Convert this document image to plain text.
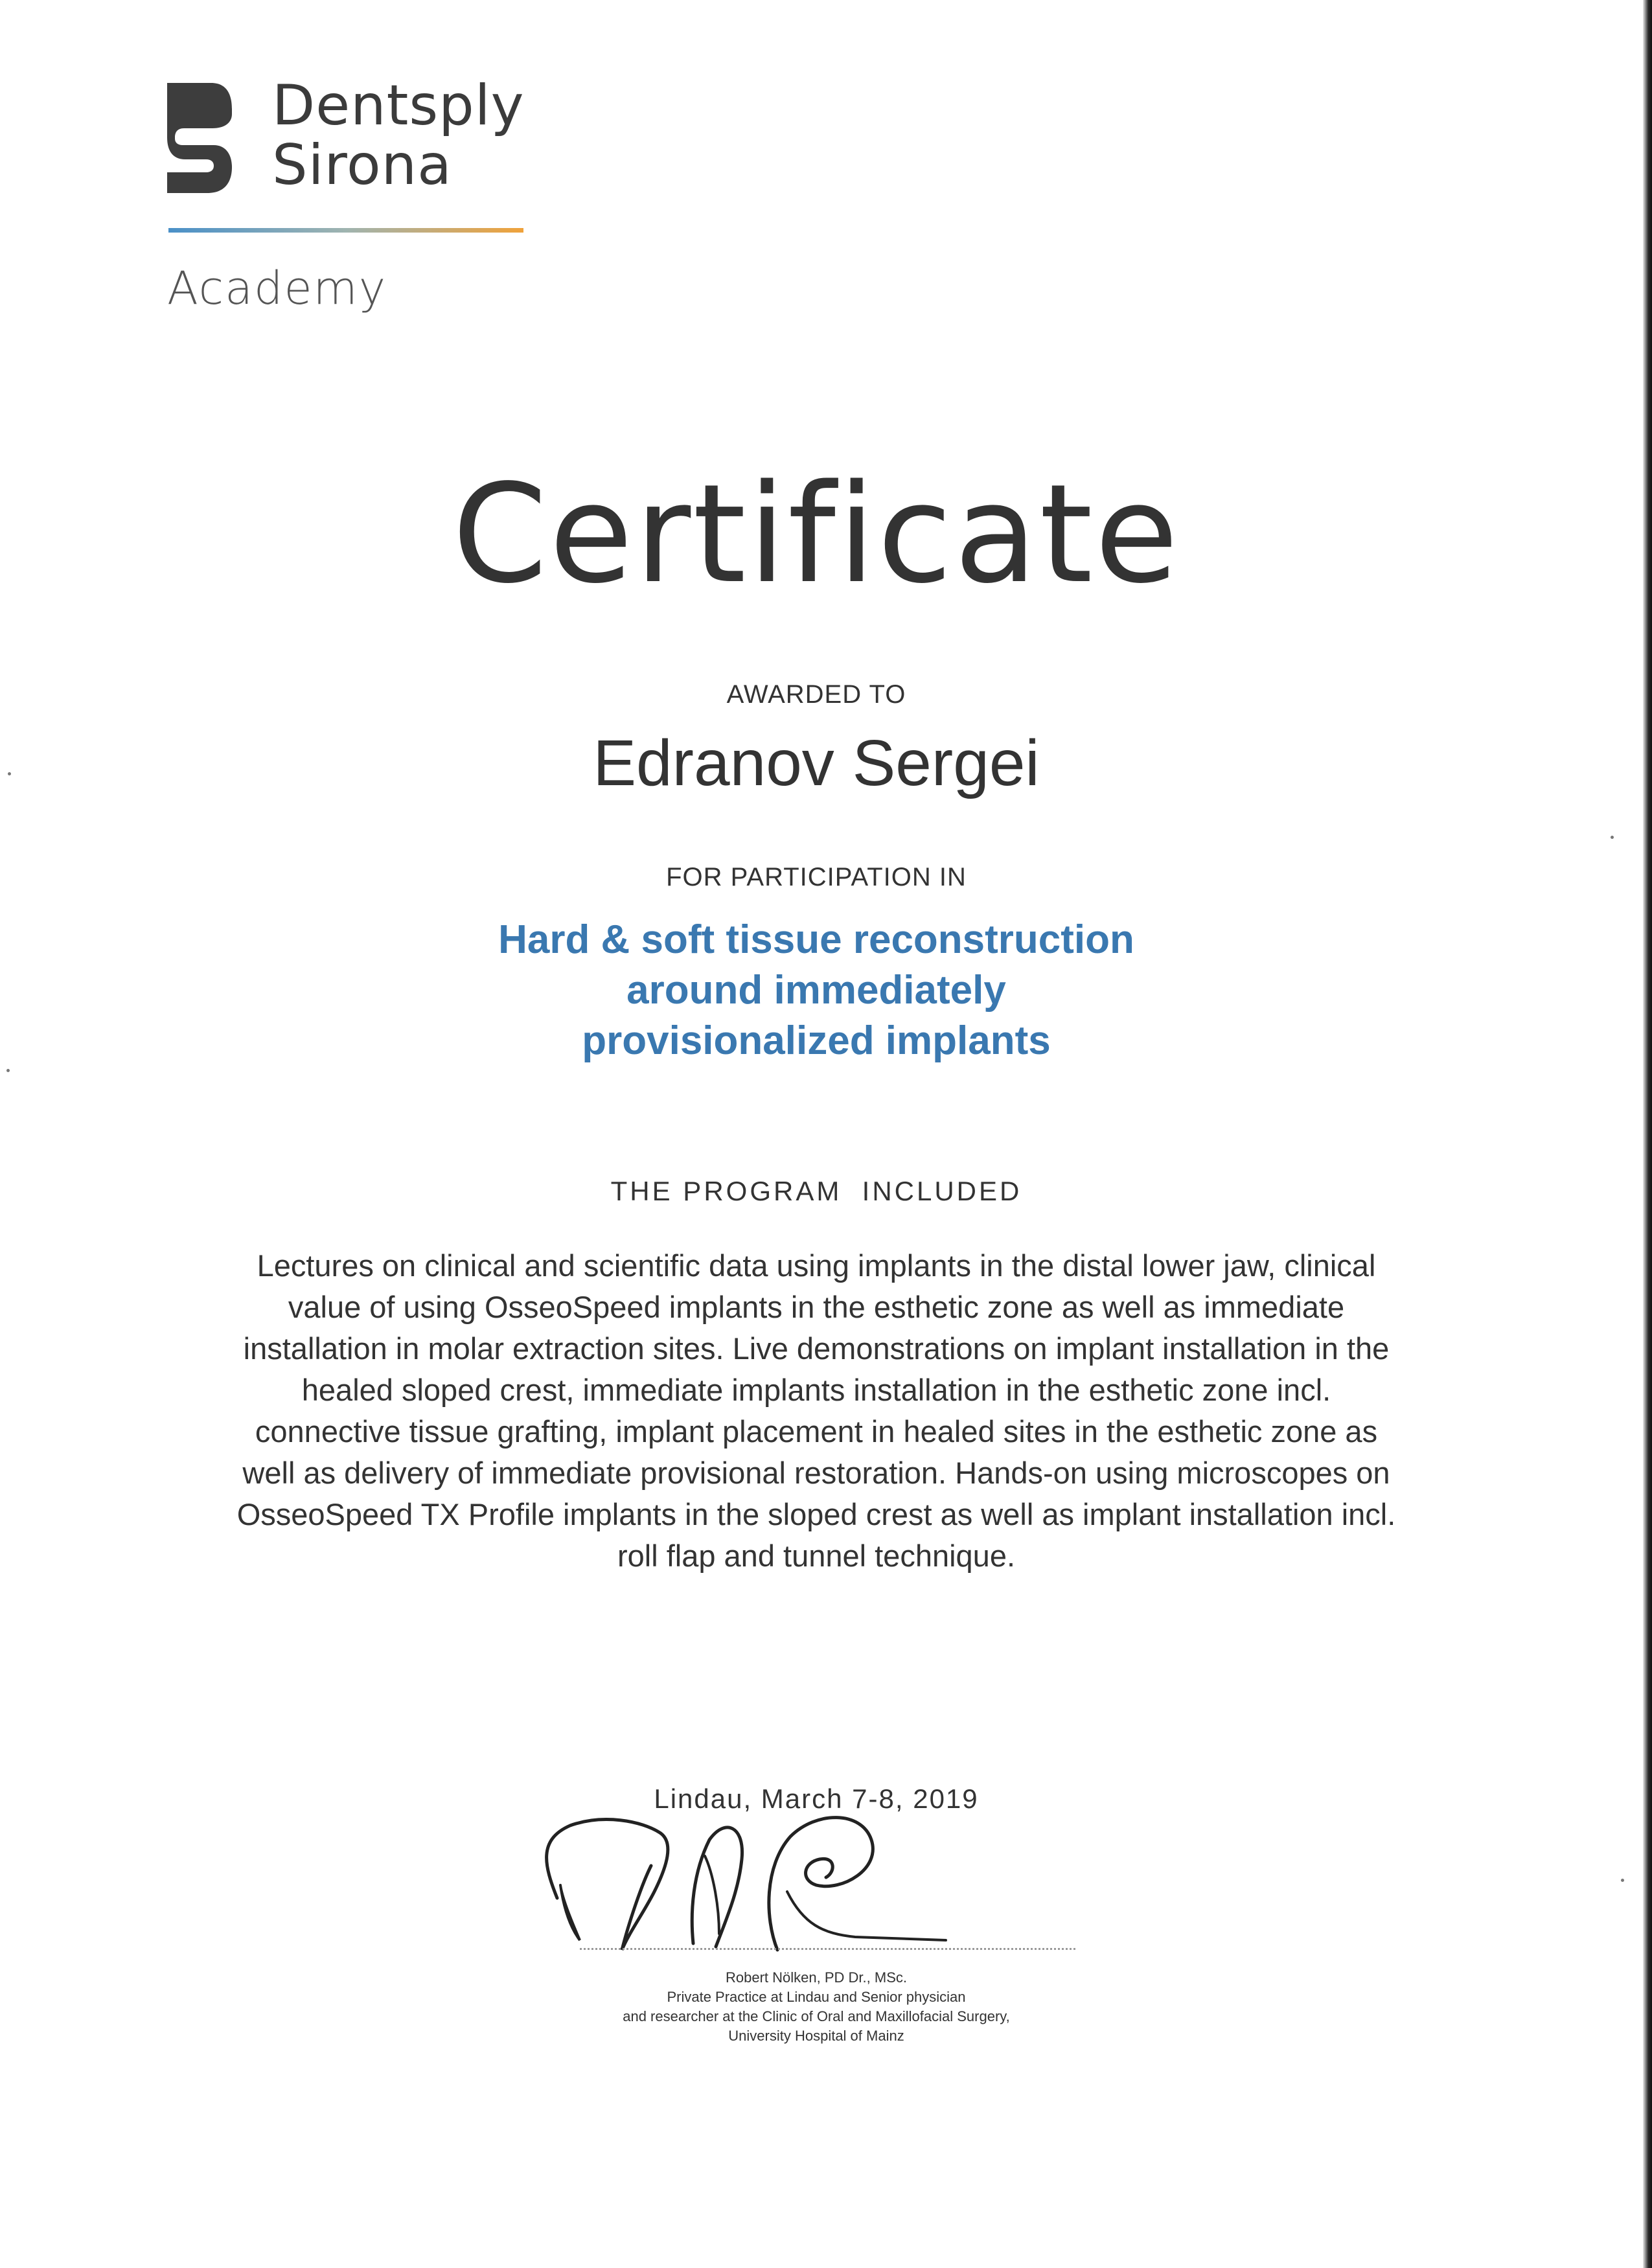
Dentsply
Sirona
Academy
Certificate
AWARDED TO
Edranov Sergei
FOR PARTICIPATION IN
Hard & soft tissue reconstruction
around immediately
provisionalized implants
THE PROGRAM  INCLUDED
Lectures on clinical and scientific data using implants in the distal lower jaw, clinical
value of using OsseoSpeed implants in the esthetic zone as well as immediate
installation in molar extraction sites. Live demonstrations on implant installation in the
healed sloped crest, immediate implants installation in the esthetic zone incl.
connective tissue grafting, implant placement in healed sites in the esthetic zone as
well as delivery of immediate provisional restoration. Hands-on using microscopes on
OsseoSpeed TX Profile implants in the sloped crest as well as implant installation incl.
roll flap and tunnel technique.
Lindau, March 7-8, 2019
Robert Nölken, PD Dr., MSc.
Private Practice at Lindau and Senior physician
and researcher at the Clinic of Oral and Maxillofacial Surgery,
University Hospital of Mainz
